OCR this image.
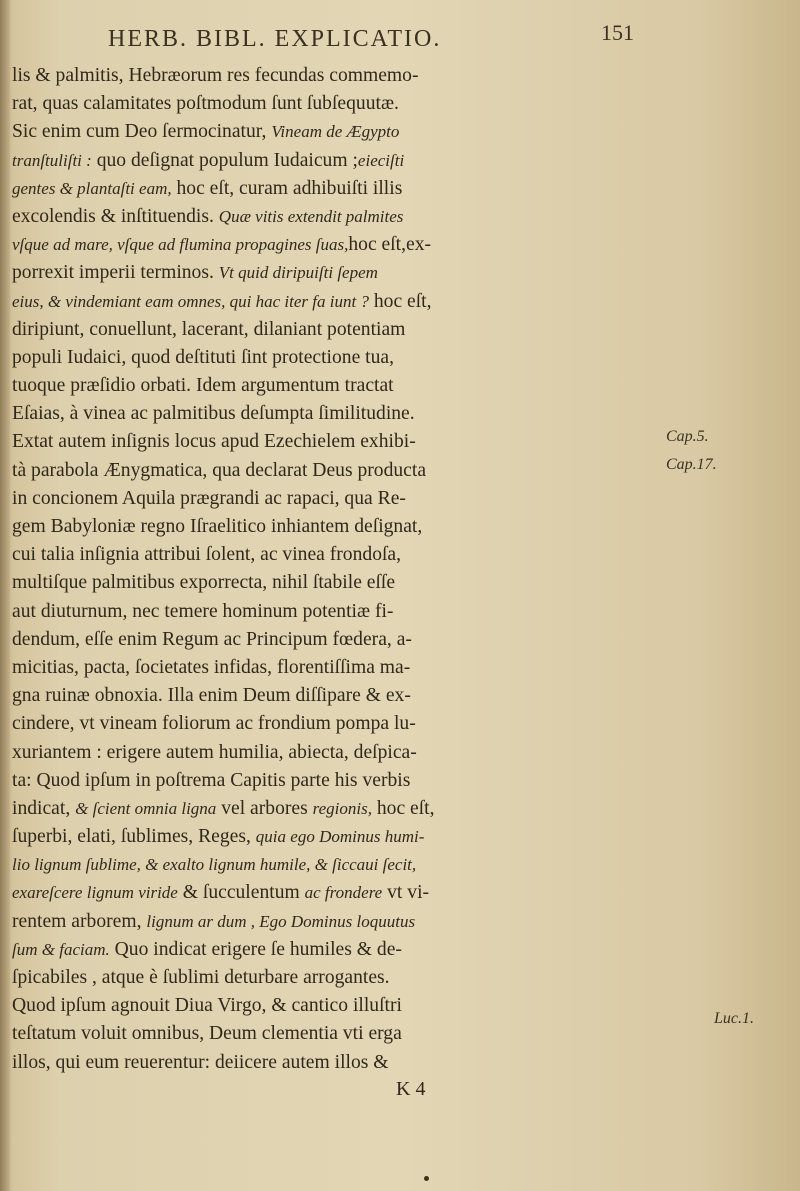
HERB. BIBL. EXPLICATIO.	151
lis & palmitis, Hebræorum res fecundas commemo-
rat, quas calamitates poſtmodum ſunt ſubſequutæ.
Sic enim cum Deo ſermocinatur, Vineam de Ægypto
tranſtuliſti : quo deſignat populum Iudaicum ;eieciſti
gentes & plantaſti eam, hoc eſt, curam adhibuiſti illis
excolendis & inſtituendis. Quæ vitis extendit palmites
vſque ad mare, vſque ad flumina propagines ſuas,hoc eſt,ex-
porrexit imperii terminos. Vt quid diripuiſti ſepem
eius, & vindemiant eam omnes, qui hac iter fa iunt ? hoc eſt,
diripiunt, conuellunt, lacerant, dilaniant potentiam
populi Iudaici, quod deſtituti ſint protectione tua,
tuoque præſidio orbati. Idem argumentum tractat
Eſaias, à vinea ac palmitibus deſumpta ſimilitudine.
Extat autem inſignis locus apud Ezechielem exhibi-
tà parabola Ænygmatica, qua declarat Deus producta
in concionem Aquila prægrandi ac rapaci, qua Re-
gem Babyloniæ regno Iſraelitico inhiantem deſignat,
cui talia inſignia attribui ſolent, ac vinea frondoſa,
multiſque palmitibus exporrecta, nihil ſtabile eſſe
aut diuturnum, nec temere hominum potentiæ fi-
dendum, eſſe enim Regum ac Principum fœdera, a-
micitias, pacta, ſocietates infidas, florentiſſima ma-
gna ruinæ obnoxia. Illa enim Deum diſſipare & ex-
cindere, vt vineam foliorum ac frondium pompa lu-
xuriantem : erigere autem humilia, abiecta, deſpica-
ta: Quod ipſum in poſtrema Capitis parte his verbis
indicat, & ſcient omnia ligna vel arbores regionis, hoc eſt,
ſuperbi, elati, ſublimes, Reges, quia ego Dominus humi-
lio lignum ſublime, & exalto lignum humile, & ſiccaui ſecit,
exareſcere lignum viride & ſucculentum ac frondere vt vi-
rentem arborem, lignum ar dum , Ego Dominus loquutus
ſum & faciam. Quo indicat erigere ſe humiles & de-
ſpicabiles , atque è ſublimi deturbare arrogantes.
Quod ipſum agnouit Diua Virgo, & cantico illuſtri
teſtatum voluit omnibus, Deum clementia vti erga
illos, qui eum reuerentur: deiicere autem illos &
Cap.5.
Cap.17.
Luc.1.
K 4
